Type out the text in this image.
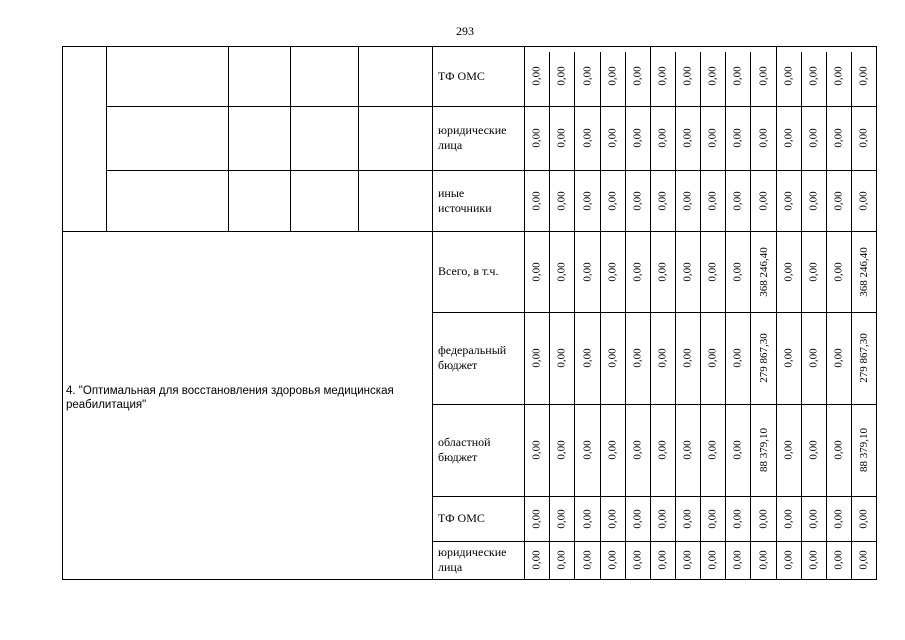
293
ТФ ОМС	0,00 0,00 0,00 0,00 0,00 0,00 0,00 0,00 0,00 0,00 0,00 0,00 0,00 0,00
юридические
лица	0,00 0,00 0,00 0,00 0,00 0,00 0,00 0,00 0,00 0,00 0,00 0,00 0,00 0,00
иные
источники	0,00 0,00 0,00 0,00 0,00 0,00 0,00 0,00 0,00 0,00 0,00 0,00 0,00 0,00
Всего, в т.ч.	0,00 0,00 0,00 0,00 0,00 0,00 0,00 0,00 0,00 368 246,40 0,00 0,00 0,00 368 246,40
федеральный
бюджет	0,00 0,00 0,00 0,00 0,00 0,00 0,00 0,00 0,00 279 867,30 0,00 0,00 0,00 279 867,30
областной
бюджет	0,00 0,00 0,00 0,00 0,00 0,00 0,00 0,00 0,00 88 379,10 0,00 0,00 0,00 88 379,10
ТФ ОМС	0,00 0,00 0,00 0,00 0,00 0,00 0,00 0,00 0,00 0,00 0,00 0,00 0,00 0,00
юридические
лица	0,00 0,00 0,00 0,00 0,00 0,00 0,00 0,00 0,00 0,00 0,00 0,00 0,00 0,00
4. "Оптимальная для восстановления здоровья медицинская реабилитация"
